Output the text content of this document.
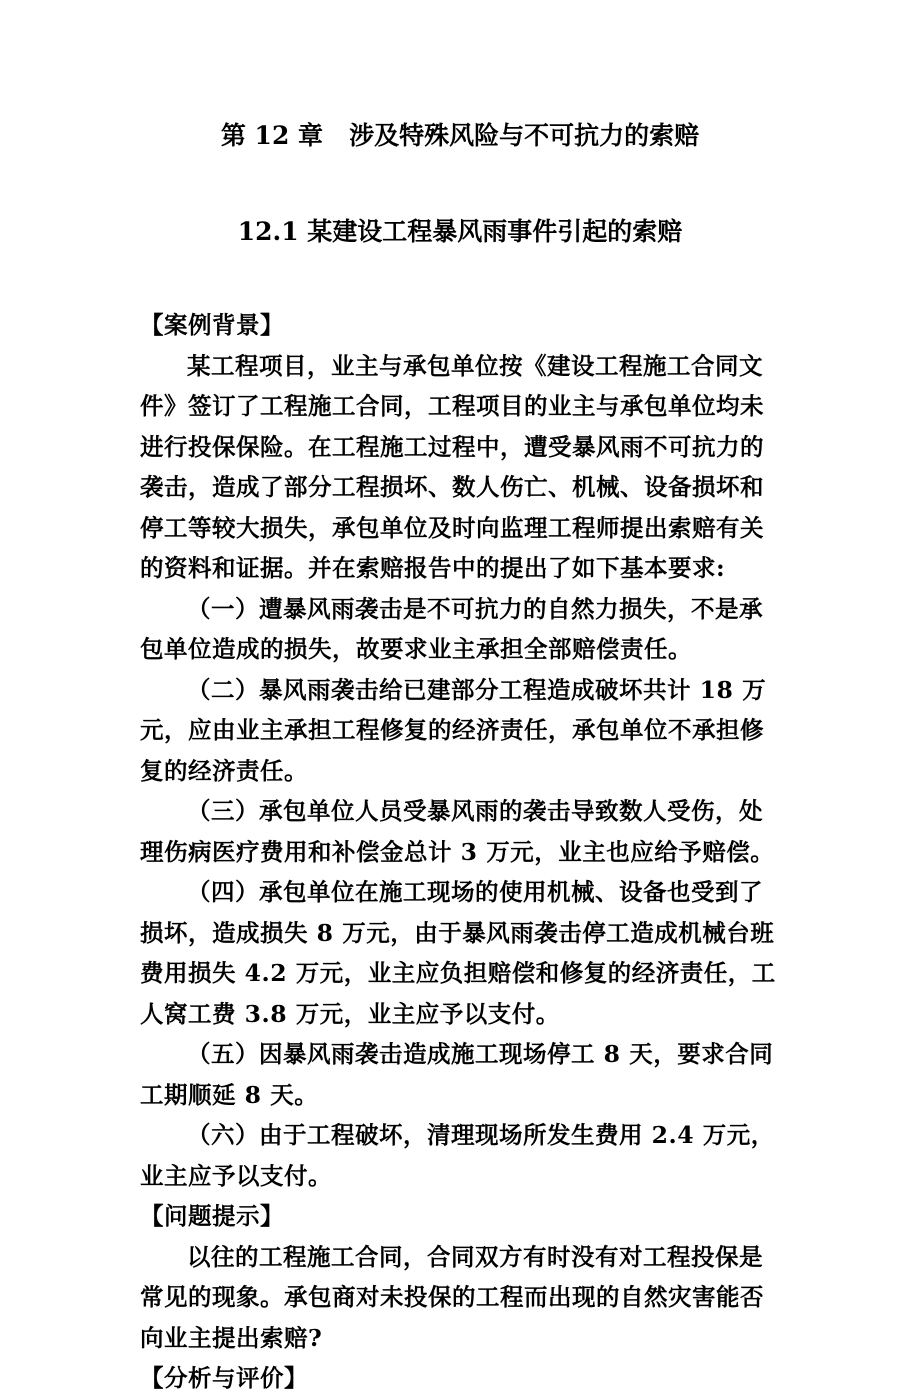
第 12 章   涉及特殊风险与不可抗力的索赔
12.1 某建设工程暴风雨事件引起的索赔

【案例背景】

某工程项目，业主与承包单位按《建设工程施工合同文件》签订了工程施工合同，工程项目的业主与承包单位均未进行投保保险。在工程施工过程中，遭受暴风雨不可抗力的袭击，造成了部分工程损坏、数人伤亡、机械、设备损坏和停工等较大损失，承包单位及时向监理工程师提出索赔有关的资料和证据。并在索赔报告中的提出了如下基本要求:

（一）遭暴风雨袭击是不可抗力的自然力损失，不是承包单位造成的损失，故要求业主承担全部赔偿责任。

（二）暴风雨袭击给已建部分工程造成破坏共计 18 万元，应由业主承担工程修复的经济责任，承包单位不承担修复的经济责任。

（三）承包单位人员受暴风雨的袭击导致数人受伤，处理伤病医疗费用和补偿金总计 3 万元，业主也应给予赔偿。

（四）承包单位在施工现场的使用机械、设备也受到了损坏，造成损失 8 万元，由于暴风雨袭击停工造成机械台班费用损失 4.2 万元，业主应负担赔偿和修复的经济责任，工人窝工费 3.8 万元，业主应予以支付。

（五）因暴风雨袭击造成施工现场停工 8 天，要求合同工期顺延 8 天。

（六）由于工程破坏，清理现场所发生费用 2.4 万元，业主应予以支付。

【问题提示】

以往的工程施工合同，合同双方有时没有对工程投保是常见的现象。承包商对未投保的工程而出现的自然灾害能否向业主提出索赔?

【分析与评价】
